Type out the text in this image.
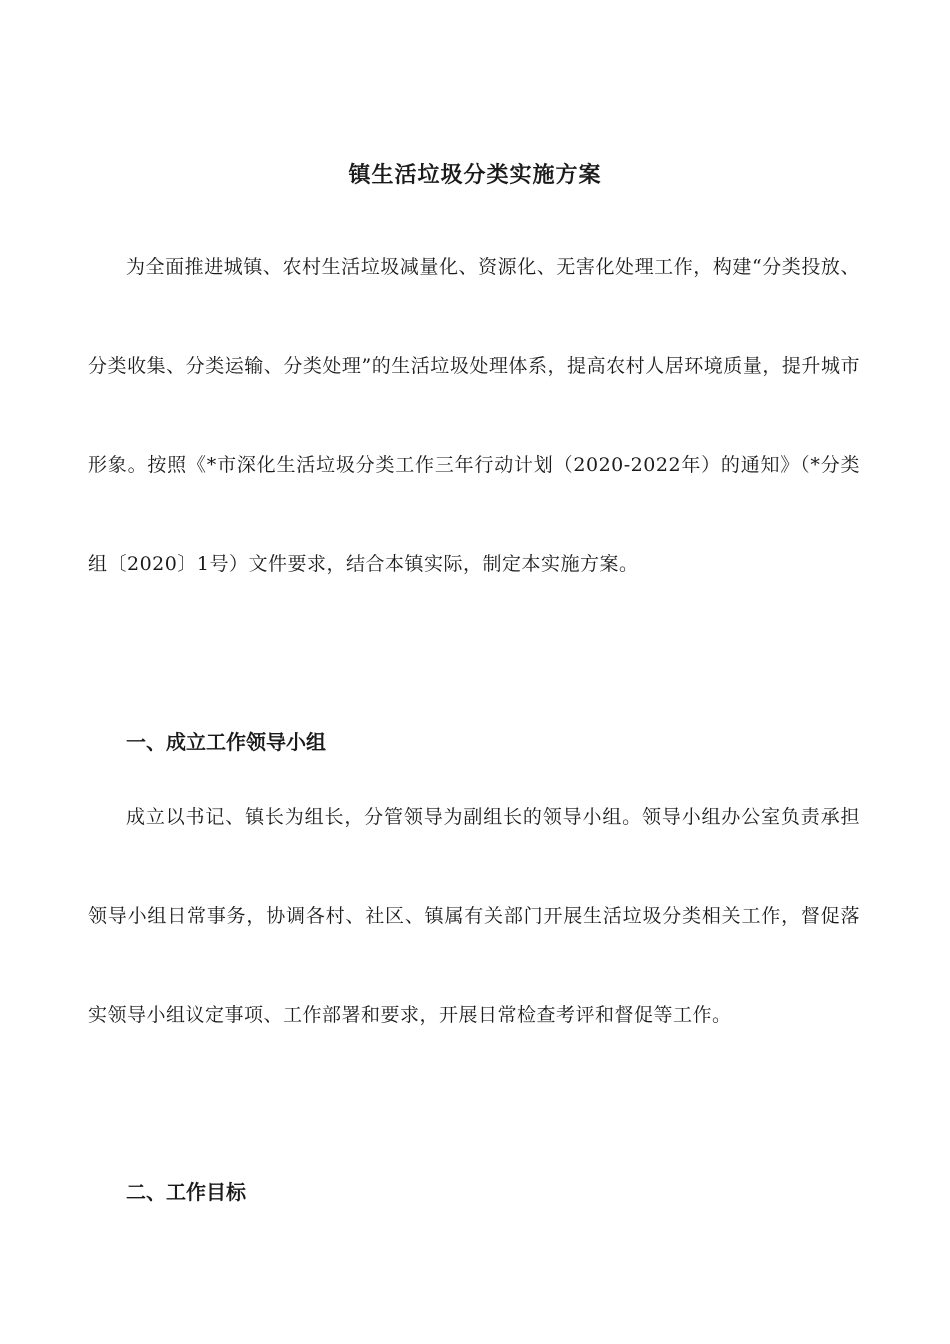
镇生活垃圾分类实施方案

为全面推进城镇、农村生活垃圾减量化、资源化、无害化处理工作，构建“分类投放、分类收集、分类运输、分类处理”的生活垃圾处理体系，提高农村人居环境质量，提升城市形象。按照《*市深化生活垃圾分类工作三年行动计划（2020-2022年）的通知》（*分类组〔2020〕1号）文件要求，结合本镇实际，制定本实施方案。

一、成立工作领导小组

成立以书记、镇长为组长，分管领导为副组长的领导小组。领导小组办公室负责承担领导小组日常事务，协调各村、社区、镇属有关部门开展生活垃圾分类相关工作，督促落实领导小组议定事项、工作部署和要求，开展日常检查考评和督促等工作。

二、工作目标
